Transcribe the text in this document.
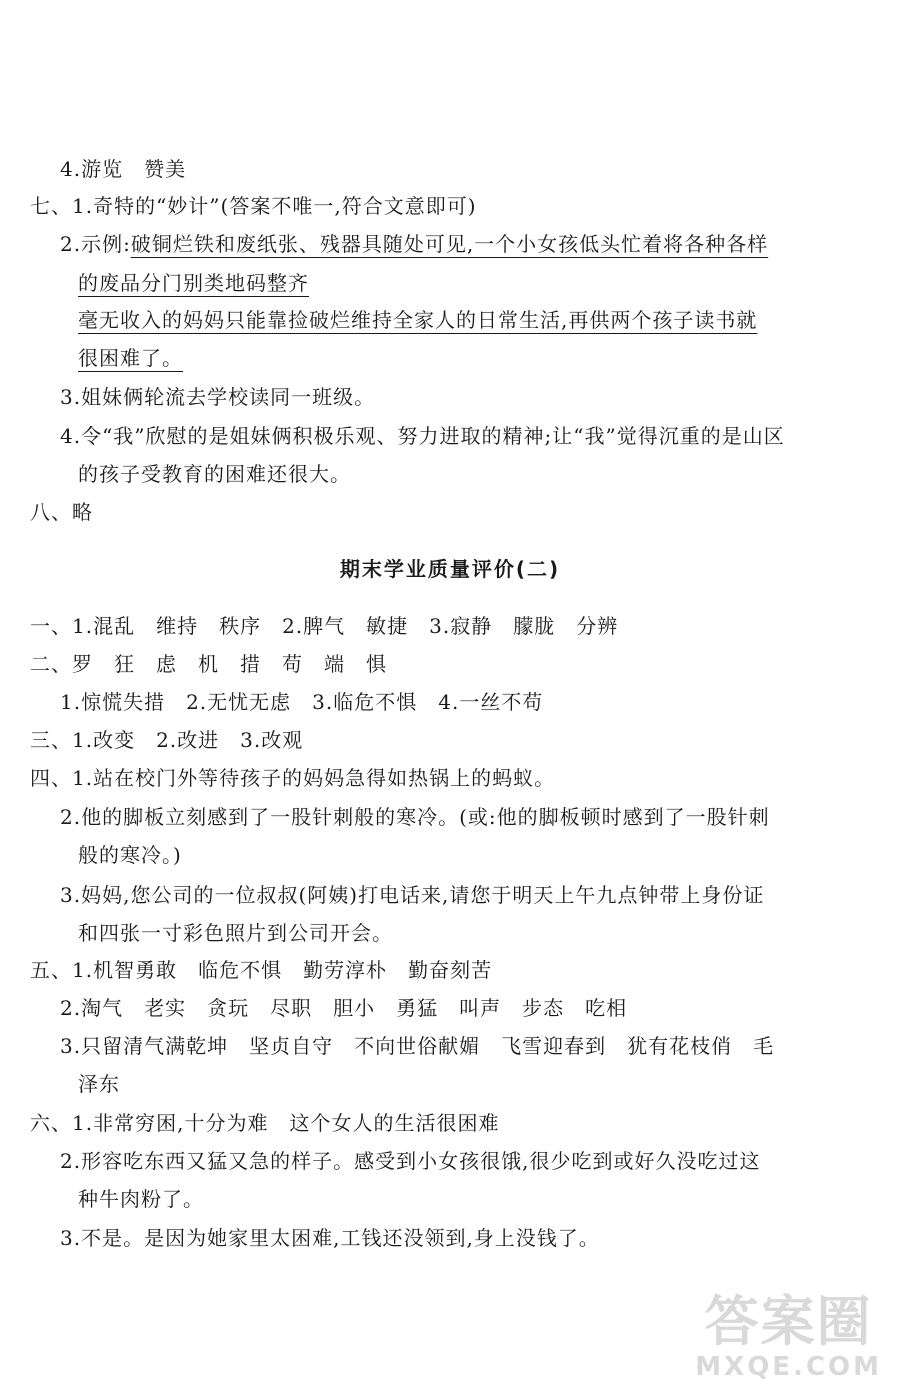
4.游览　赞美
七、1.奇特的“妙计”(答案不唯一,符合文意即可)
2.示例:破铜烂铁和废纸张、残器具随处可见,一个小女孩低头忙着将各种各样
的废品分门别类地码整齐
毫无收入的妈妈只能靠捡破烂维持全家人的日常生活,再供两个孩子读书就
很困难了。
3.姐妹俩轮流去学校读同一班级。
4.令“我”欣慰的是姐妹俩积极乐观、努力进取的精神;让“我”觉得沉重的是山区
的孩子受教育的困难还很大。
八、略
期末学业质量评价(二)
一、1.混乱　维持　秩序　2.脾气　敏捷　3.寂静　朦胧　分辨
二、罗　狂　虑　机　措　苟　端　惧
1.惊慌失措　2.无忧无虑　3.临危不惧　4.一丝不苟
三、1.改变　2.改进　3.改观
四、1.站在校门外等待孩子的妈妈急得如热锅上的蚂蚁。
2.他的脚板立刻感到了一股针刺般的寒冷。(或:他的脚板顿时感到了一股针刺
般的寒冷。)
3.妈妈,您公司的一位叔叔(阿姨)打电话来,请您于明天上午九点钟带上身份证
和四张一寸彩色照片到公司开会。
五、1.机智勇敢　临危不惧　勤劳淳朴　勤奋刻苦
2.淘气　老实　贪玩　尽职　胆小　勇猛　叫声　步态　吃相
3.只留清气满乾坤　坚贞自守　不向世俗献媚　飞雪迎春到　犹有花枝俏　毛
泽东
六、1.非常穷困,十分为难　这个女人的生活很困难
2.形容吃东西又猛又急的样子。感受到小女孩很饿,很少吃到或好久没吃过这
种牛肉粉了。
3.不是。是因为她家里太困难,工钱还没领到,身上没钱了。
答案圈
MXQE.COM
